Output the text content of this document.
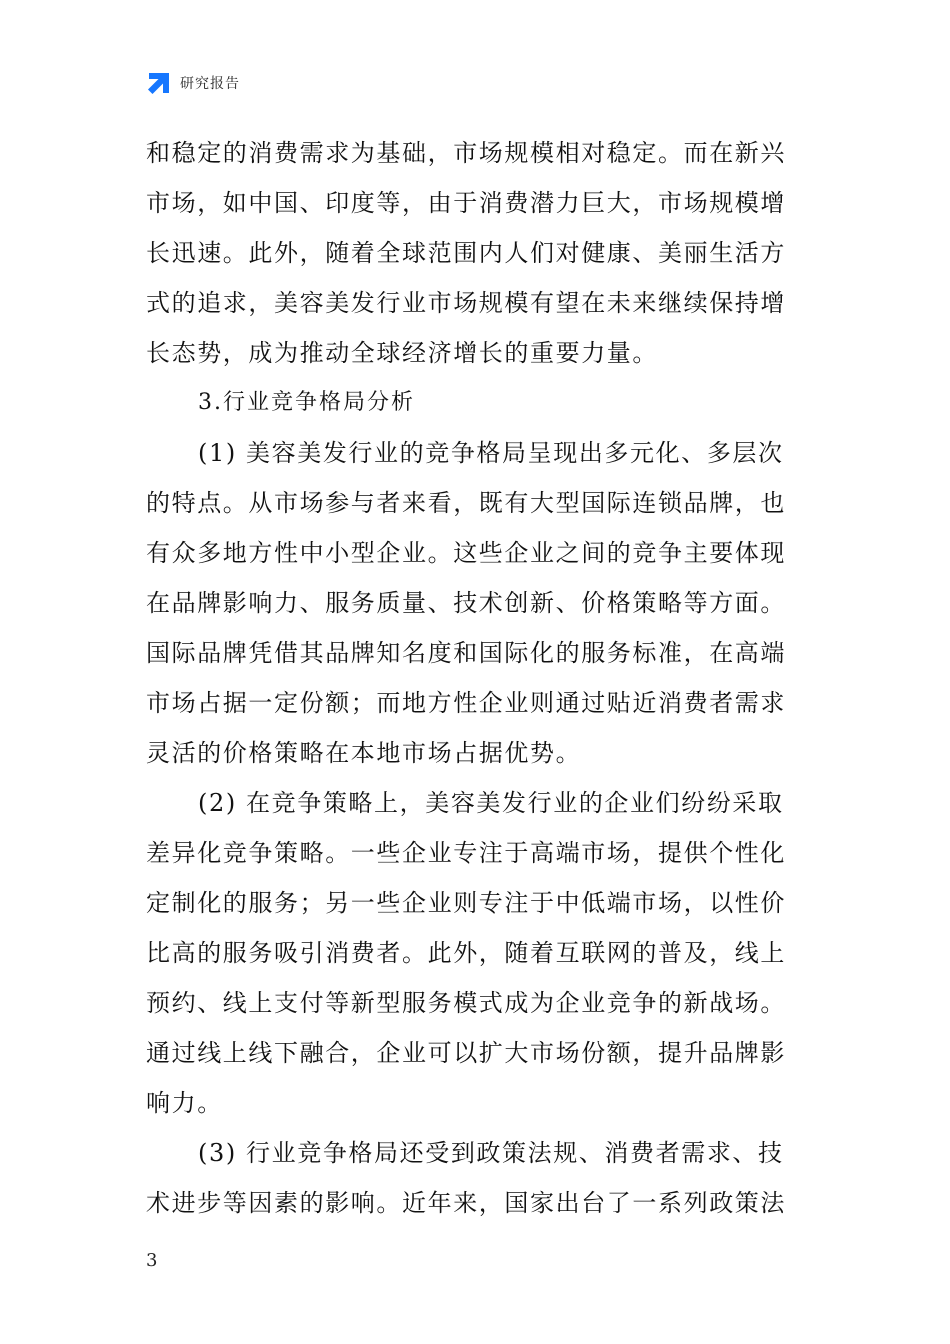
研究报告
和稳定的消费需求为基础，市场规模相对稳定。而在新兴
市场，如中国、印度等，由于消费潜力巨大，市场规模增
长迅速。此外，随着全球范围内人们对健康、美丽生活方
式的追求，美容美发行业市场规模有望在未来继续保持增
长态势，成为推动全球经济增长的重要力量。
3.行业竞争格局分析
(1) 美容美发行业的竞争格局呈现出多元化、多层次
的特点。从市场参与者来看，既有大型国际连锁品牌，也
有众多地方性中小型企业。这些企业之间的竞争主要体现
在品牌影响力、服务质量、技术创新、价格策略等方面。
国际品牌凭借其品牌知名度和国际化的服务标准，在高端
市场占据一定份额；而地方性企业则通过贴近消费者需求
灵活的价格策略在本地市场占据优势。
(2) 在竞争策略上，美容美发行业的企业们纷纷采取
差异化竞争策略。一些企业专注于高端市场，提供个性化
定制化的服务；另一些企业则专注于中低端市场，以性价
比高的服务吸引消费者。此外，随着互联网的普及，线上
预约、线上支付等新型服务模式成为企业竞争的新战场。
通过线上线下融合，企业可以扩大市场份额，提升品牌影
响力。
(3) 行业竞争格局还受到政策法规、消费者需求、技
术进步等因素的影响。近年来，国家出台了一系列政策法
3
